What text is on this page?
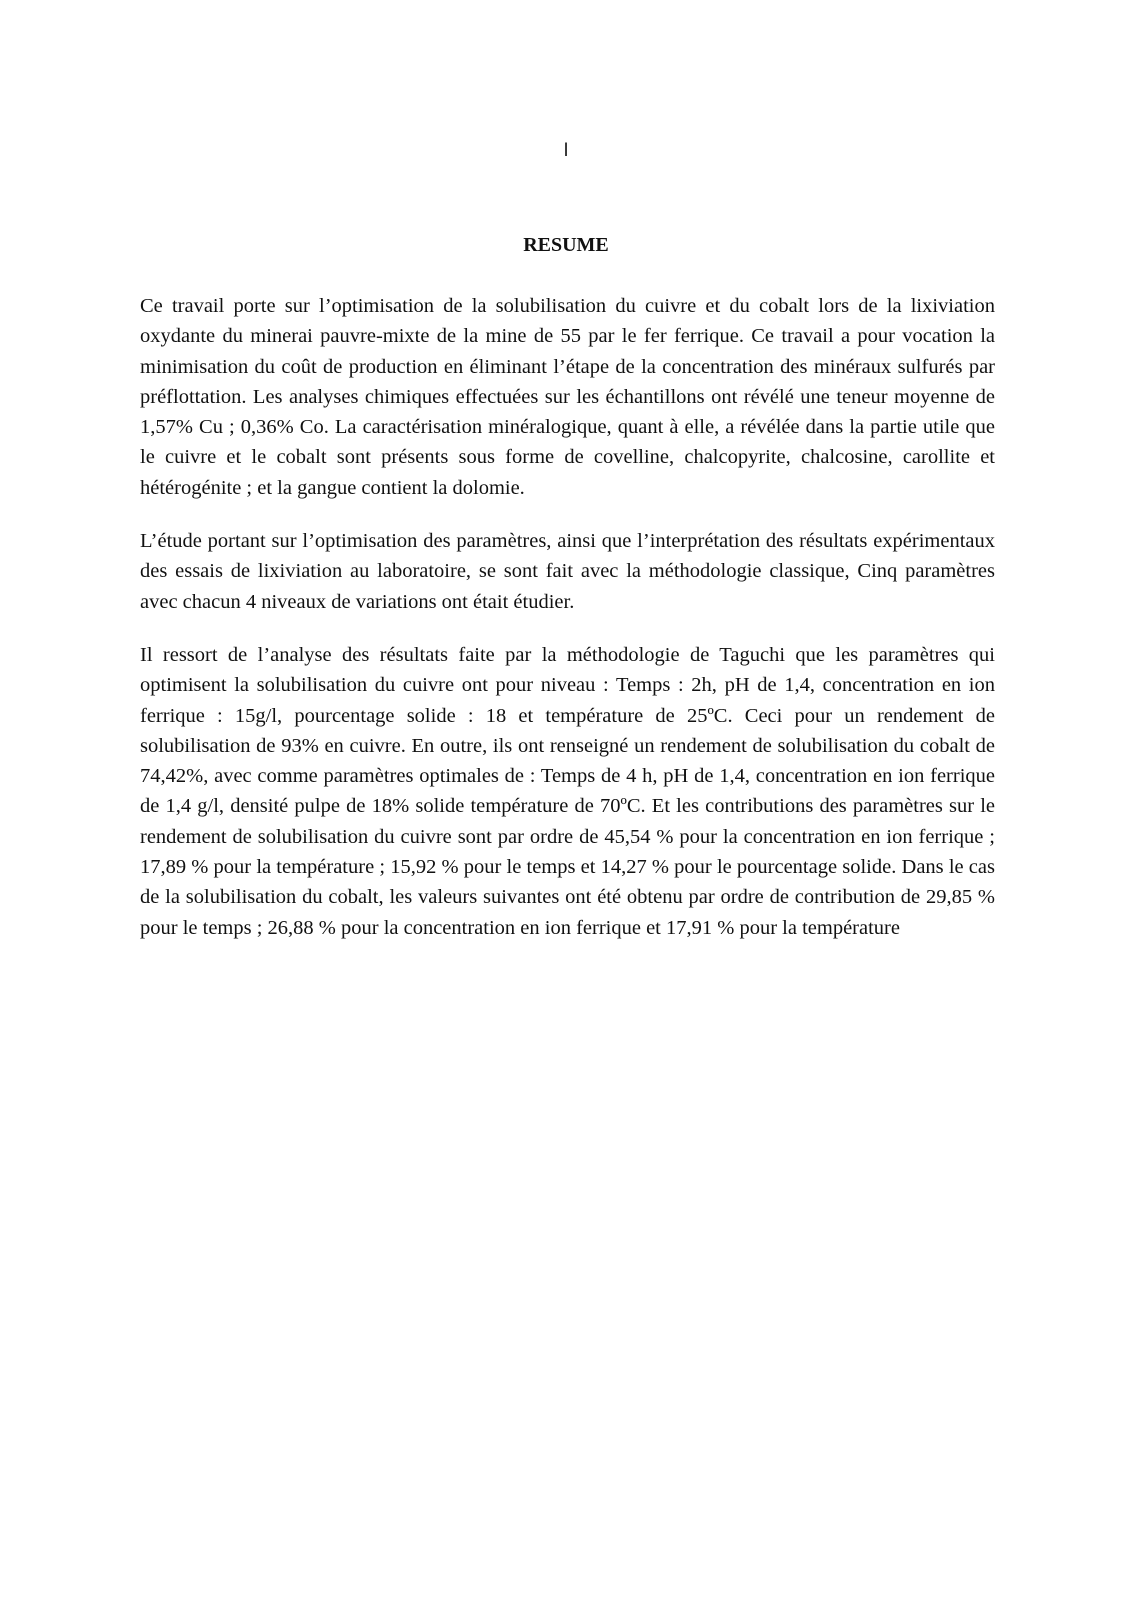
I
RESUME

Ce travail porte sur l’optimisation de la solubilisation du cuivre et du cobalt lors de la lixiviation oxydante du minerai pauvre-mixte de la mine de 55 par le fer ferrique. Ce travail a pour vocation la minimisation du coût de production en éliminant l’étape de la concentration des minéraux sulfurés par préflottation. Les analyses chimiques effectuées sur les échantillons ont révélé une teneur moyenne de 1,57% Cu ; 0,36% Co. La caractérisation minéralogique, quant à elle, a révélée dans la partie utile que le cuivre et le cobalt sont présents sous forme de covelline, chalcopyrite, chalcosine, carollite et hétérogénite ; et la gangue contient la dolomie.

L’étude portant sur l’optimisation des paramètres, ainsi que l’interprétation des résultats expérimentaux des essais de lixiviation au laboratoire, se sont fait avec la méthodologie classique, Cinq paramètres avec chacun 4 niveaux de variations ont était étudier.

Il ressort de l’analyse des résultats faite par la méthodologie de Taguchi que les paramètres qui optimisent la solubilisation du cuivre ont pour niveau : Temps : 2h, pH de 1,4, concentration en ion ferrique : 15g/l, pourcentage solide : 18 et température de 25ºC. Ceci pour un rendement de solubilisation de 93% en cuivre. En outre, ils ont renseigné un rendement de solubilisation du cobalt de 74,42%, avec comme paramètres optimales de : Temps de 4 h, pH de 1,4, concentration en ion ferrique de 1,4 g/l, densité pulpe de 18% solide température de 70ºC. Et les contributions des paramètres sur le rendement de solubilisation du cuivre sont par ordre de 45,54 % pour la concentration en ion ferrique ; 17,89 % pour la température ; 15,92 % pour le temps et 14,27 % pour le pourcentage solide. Dans le cas de la solubilisation du cobalt, les valeurs suivantes ont été obtenu par ordre de contribution de 29,85 % pour le temps ; 26,88 % pour la concentration en ion ferrique et 17,91 % pour la température
